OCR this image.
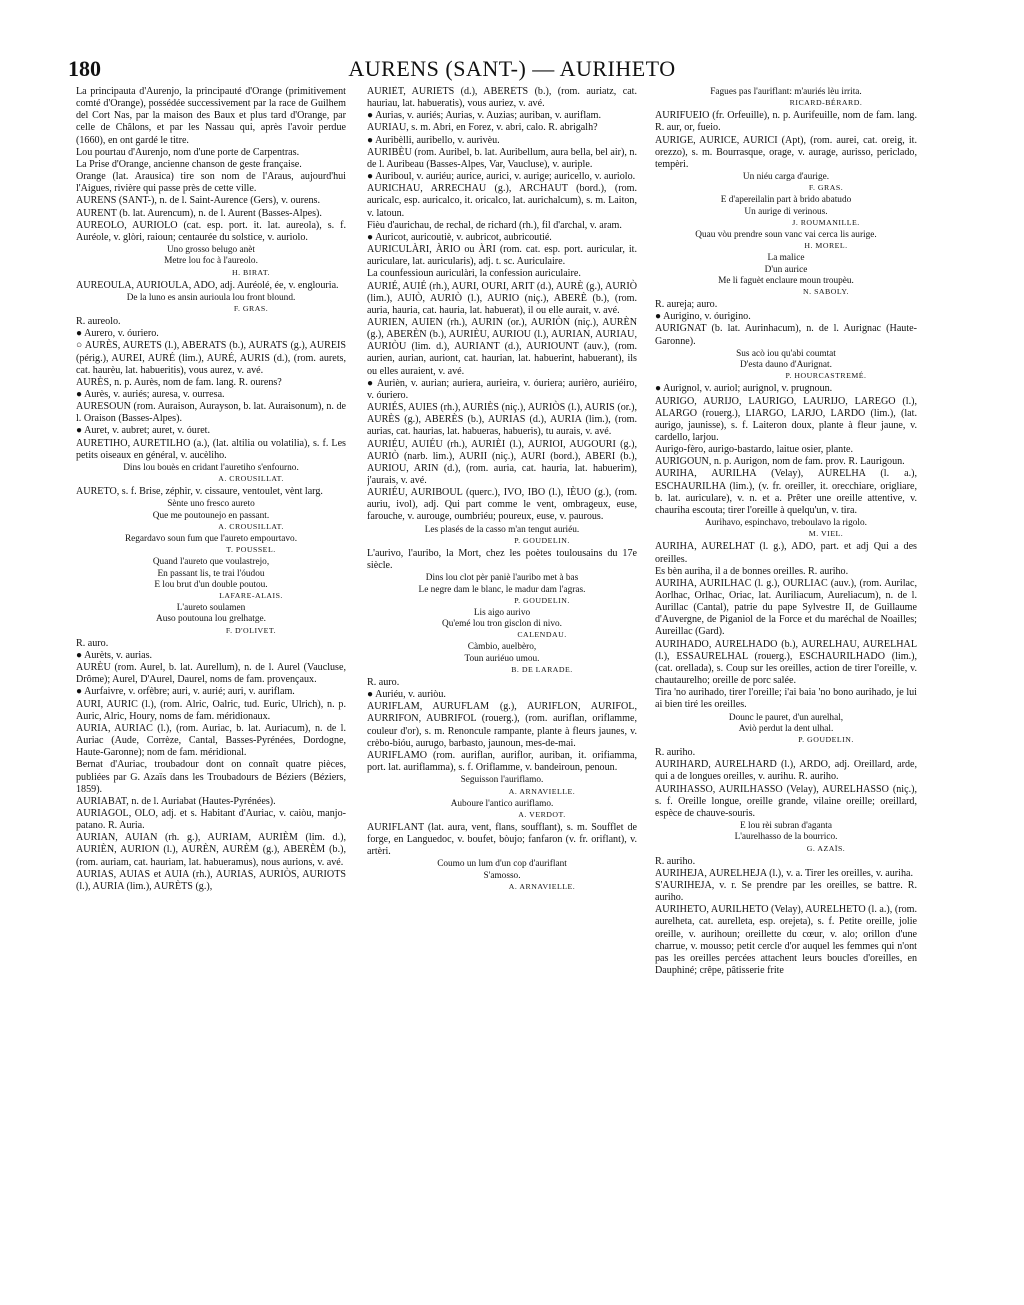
180	AURENS (SANT-) — AURIHETO

La principauta d'Aurenjo, la principauté d'Orange (primitivement comté d'Orange), possédée successivement par la race de Guilhem del Cort Nas, par la maison des Baux et plus tard d'Orange, par celle de Châlons, et par les Nassau qui, après l'avoir perdue (1660), en ont gardé le titre.

Lou pourtau d'Aurenjo, nom d'une porte de Carpentras.

La Prise d'Orange, ancienne chanson de geste française.

Orange (lat. Arausica) tire son nom de l'Araus, aujourd'hui l'Aigues, rivière qui passe près de cette ville.

AURENS (SANT-), n. de l. Saint-Aurence (Gers), v. ourens.

AURENT (b. lat. Aurencum), n. de l. Aurent (Basses-Alpes).

AUREOLO, AURIOLO (cat. esp. port. it. lat. aureola), s. f. Auréole, v. glòri, raioun; centaurée du solstice, v. auriolo.

Uno grosso belugo anèt
Metre lou foc à l'aureolo.

H. BIRAT.

AUREOULA, AURIOULA, ADO, adj. Auréolé, ée, v. englouria.

De la luno es ansin aurioula lou front blound.

F. GRAS.

R. aureolo.

● Aurero, v. óuriero.

○ AURÈS, AURETS (l.), ABERATS (b.), AURATS (g.), AUREIS (périg.), AUREI, AURÉ (lim.), AURÉ, AURIS (d.), (rom. aurets, cat. haurèu, lat. habueritis), vous aurez, v. avé.

AURÈS, n. p. Aurès, nom de fam. lang. R. ourens?

● Aurès, v. auriés; auresa, v. ourresa.

AURESOUN (rom. Auraison, Aurayson, b. lat. Auraisonum), n. de l. Oraison (Basses-Alpes).

● Auret, v. aubret; auret, v. óuret.

AURETIHO, AURETILHO (a.), (lat. altilia ou volatilia), s. f. Les petits oiseaux en général, v. aucèliho.

Dins lou bouès en cridant l'auretiho s'enfourno.

A. CROUSILLAT.

AURETO, s. f. Brise, zéphir, v. cissaure, ventoulet, vènt larg.

Sènte uno fresco aureto
Que me poutounejo en passant.

A. CROUSILLAT.

Regardavo soun fum que l'aureto empourtavo.

T. POUSSEL.

Quand l'aureto que voulastrejo,
En passant lis, te trai l'óudou
E lou brut d'un double poutou.

LAFARE-ALAIS.

L'aureto soulamen
Auso poutouna lou grelhatge.

F. D'OLIVET.

R. auro.

● Aurèts, v. aurias.

AURÈU (rom. Aurel, b. lat. Aurellum), n. de l. Aurel (Vaucluse, Drôme); Aurel, D'Aurel, Daurel, noms de fam. provençaux.

● Aurfaivre, v. orfèbre; auri, v. aurié; auri, v. auriflam.

AURI, AURIC (l.), (rom. Alric, Oalric, tud. Euric, Ulrich), n. p. Auric, Alric, Houry, noms de fam. méridionaux.

AURIA, AURIAC (l.), (rom. Auriac, b. lat. Auriacum), n. de l. Auriac (Aude, Corrèze, Cantal, Basses-Pyrénées, Dordogne, Haute-Garonne); nom de fam. méridional.

Bernat d'Auriac, troubadour dont on connaît quatre pièces, publiées par G. Azaïs dans les Troubadours de Béziers (Béziers, 1859).

AURIABAT, n. de l. Auriabat (Hautes-Pyrénées).

AURIAGOL, OLO, adj. et s. Habitant d'Auriac, v. caiòu, manjo-patano. R. Auria.

AURIAN, AUIAN (rh. g.), AURIAM, AURIÈM (lim. d.), AURIÈN, AURION (l.), AURÈN, AURÈM (g.), ABERÈM (b.), (rom. auriam, cat. hauriam, lat. habueramus), nous aurions, v. avé.

AURIAS, AUIAS et AUIA (rh.), AURIAS, AURIÒS, AURIOTS (l.), AURIA (lim.), AURÈTS (g.),

AURIÈT, AURIÈTS (d.), ABERÈTS (b.), (rom. auriatz, cat. hauriau, lat. habueratis), vous auriez, v. avé.

● Aurias, v. auriés; Aurias, v. Auzias; auriban, v. auriflam.

AURIAU, s. m. Abri, en Forez, v. abri, calo. R. abrigalh?

● Auribèlli, auribello, v. aurivèu.

AURIBÈU (rom. Auribel, b. lat. Auribellum, aura bella, bel air), n. de l. Auribeau (Basses-Alpes, Var, Vaucluse), v. auriple.

● Auriboul, v. auriéu; aurice, aurici, v. aurige; auricello, v. auriolo.

AURICHAU, ARRECHAU (g.), ARCHAUT (bord.), (rom. auricalc, esp. auricalco, it. oricalco, lat. aurichalcum), s. m. Laiton, v. latoun.

Fièu d'aurichau, de rechal, de richard (rh.), fil d'archal, v. aram.

● Auricot, auricoutiè, v. aubricot, aubricoutié.

AURICULÀRI, ÀRIO ou ÀRI (rom. cat. esp. port. auricular, it. auriculare, lat. auricularis), adj. t. sc. Auriculaire.

La counfessioun auriculàri, la confession auriculaire.

AURIÉ, AUIÉ (rh.), AURI, OURI, ARIT (d.), AURÈ (g.), AURIÒ (lim.), AUIÒ, AURIÒ (l.), AURIO (niç.), ABERÈ (b.), (rom. auria, hauria, cat. hauria, lat. habuerat), il ou elle aurait, v. avé.

AURIEN, AUIEN (rh.), AURIN (or.), AURIÒN (niç.), AURÈN (g.), ABERÈN (b.), AURIÈU, AURIOU (l.), AURIAN, AURIAU, AURIÒU (lim. d.), AURIANT (d.), AURIOUNT (auv.), (rom. aurien, aurian, auriont, cat. haurian, lat. habuerint, habuerant), ils ou elles auraient, v. avé.

● Aurièn, v. aurian; auriera, aurieira, v. óuriera; aurièro, auriéiro, v. óuriero.

AURIÉS, AUIES (rh.), AURIÈS (niç.), AURIÒS (l.), AURIS (or.), AURÈS (g.), ABERÈS (b.), AURIAS (d.), AURIA (lim.), (rom. aurias, cat. haurias, lat. habueras, habueris), tu aurais, v. avé.

AURIÉU, AUIÉU (rh.), AURIÈI (l.), AURIOI, AUGOURI (g.), AURIÒ (narb. lim.), AURII (niç.), AURI (bord.), ABERI (b.), AURIOU, ARIN (d.), (rom. auria, cat. hauria, lat. habuerim), j'aurais, v. avé.

AURIÉU, AURIBOUL (querc.), IVO, IBO (l.), IÈUO (g.), (rom. auriu, ivol), adj. Qui part comme le vent, ombrageux, euse, farouche, v. aurouge, oumbriéu; poureux, euse, v. paurous.

Les plasés de la casso m'an tengut auriéu.

P. GOUDELIN.

L'aurivo, l'auribo, la Mort, chez les poètes toulousains du 17e siècle.

Dins lou clot pèr paniè l'auribo met à bas
Le negre dam le blanc, le madur dam l'agras.

P. GOUDELIN.

Lis aigo aurivo
Qu'emé lou tron gisclon di nivo.

CALENDAU.

Càmbio, auelbèro,
Toun auriéuo umou.

B. DE LARADE.

R. auro.

● Auriéu, v. auriòu.

AURIFLAM, AURUFLAM (g.), AURIFLON, AURIFOL, AURRIFON, AUBRIFOL (rouerg.), (rom. auriflan, oriflamme, couleur d'or), s. m. Renoncule rampante, plante à fleurs jaunes, v. crèbo-bióu, aurugo, barbasto, jaunoun, mes-de-mai.

AURIFLAMO (rom. auriflan, auriflor, auriban, it. orifiamma, port. lat. auriflamma), s. f. Oriflamme, v. bandeiroun, penoun.

Seguisson l'auriflamo.

A. ARNAVIELLE.

Auboure l'antico auriflamo.

A. VERDOT.

AURIFLANT (lat. aura, vent, flans, soufflant), s. m. Soufflet de forge, en Languedoc, v. boufet, bòujo; fanfaron (v. fr. oriflant), v. artèri.

Coumo un lum d'un cop d'auriflant
S'amosso.

A. ARNAVIELLE.

Fagues pas l'auriflant: m'auriés lèu irrita.

RICARD-BÉRARD.

AURIFUEIO (fr. Orfeuille), n. p. Aurifeuille, nom de fam. lang. R. aur, or, fueio.

AURIGE, AURICE, AURICI (Apt), (rom. aurei, cat. oreig, it. orezzo), s. m. Bourrasque, orage, v. aurage, aurisso, periclado, tempèri.

Un niéu carga d'aurige.

F. GRAS.

E d'apereilalin part à brido abatudo
Un aurige di verinous.

J. ROUMANILLE.

Quau vòu prendre soun vanc vai cerca lis aurige.

H. MOREL.

La malice
D'un aurice
Me li faguèt enclaure moun troupèu.

N. SABOLY.

R. aureja; auro.

● Aurigino, v. óurigino.

AURIGNAT (b. lat. Aurinhacum), n. de l. Aurignac (Haute-Garonne).

Sus acò iou qu'abi coumtat
D'esta dauno d'Aurignat.

P. HOURCASTREMÉ.

● Aurignol, v. auriol; aurignol, v. prugnoun.

AURIGO, AURIJO, LAURIGO, LAURIJO, LAREGO (l.), ALARGO (rouerg.), LIARGO, LARJO, LARDO (lim.), (lat. aurigo, jaunisse), s. f. Laiteron doux, plante à fleur jaune, v. cardello, larjou.

Aurigo-fèro, aurigo-bastardo, laitue osier, plante.

AURIGOUN, n. p. Aurigon, nom de fam. prov. R. Laurigoun.

AURIHA, AURILHA (Velay), AURELHA (l. a.), ESCHAURILHA (lim.), (v. fr. oreiller, it. orecchiare, origliare, b. lat. auriculare), v. n. et a. Prêter une oreille attentive, v. chauriha escouta; tirer l'oreille à quelqu'un, v. tira.

Aurihavo, espinchavo, treboulavo la rigolo.

M. VIEL.

AURIHA, AURELHAT (l. g.), ADO, part. et adj Qui a des oreilles.

Es bèn auriha, il a de bonnes oreilles. R. auriho.

AURIHA, AURILHAC (l. g.), OURLIAC (auv.), (rom. Aurilac, Aorlhac, Orlhac, Oriac, lat. Auriliacum, Aureliacum), n. de l. Aurillac (Cantal), patrie du pape Sylvestre II, de Guillaume d'Auvergne, de Piganiol de la Force et du maréchal de Noailles; Aureillac (Gard).

AURIHADO, AURELHADO (b.), AURELHAU, AURELHAL (l.), ESSAURELHAL (rouerg.), ESCHAURILHADO (lim.), (cat. orellada), s. Coup sur les oreilles, action de tirer l'oreille, v. chautaurelho; oreille de porc salée.

Tira 'no aurihado, tirer l'oreille; i'ai baia 'no bono aurihado, je lui ai bien tiré les oreilles.

Dounc le pauret, d'un aurelhal,
Aviò perdut la dent ulhal.

P. GOUDELIN.

R. auriho.

AURIHARD, AURELHARD (l.), ARDO, adj. Oreillard, arde, qui a de longues oreilles, v. aurihu. R. auriho.

AURIHASSO, AURILHASSO (Velay), AURELHASSO (niç.), s. f. Oreille longue, oreille grande, vilaine oreille; oreillard, espèce de chauve-souris.

E lou rèi subran d'aganta
L'aurelhasso de la bourrico.

G. AZAÏS.

R. auriho.

AURIHEJA, AURELHEJA (l.), v. a. Tirer les oreilles, v. auriha.

S'AURIHEJA, v. r. Se prendre par les oreilles, se battre. R. auriho.

AURIHETO, AURILHETO (Velay), AURELHETO (l. a.), (rom. aurelheta, cat. aurelleta, esp. orejeta), s. f. Petite oreille, jolie oreille, v. aurihoun; oreillette du cœur, v. alo; orillon d'une charrue, v. mousso; petit cercle d'or auquel les femmes qui n'ont pas les oreilles percées attachent leurs boucles d'oreilles, en Dauphiné; crêpe, pâtisserie frite
